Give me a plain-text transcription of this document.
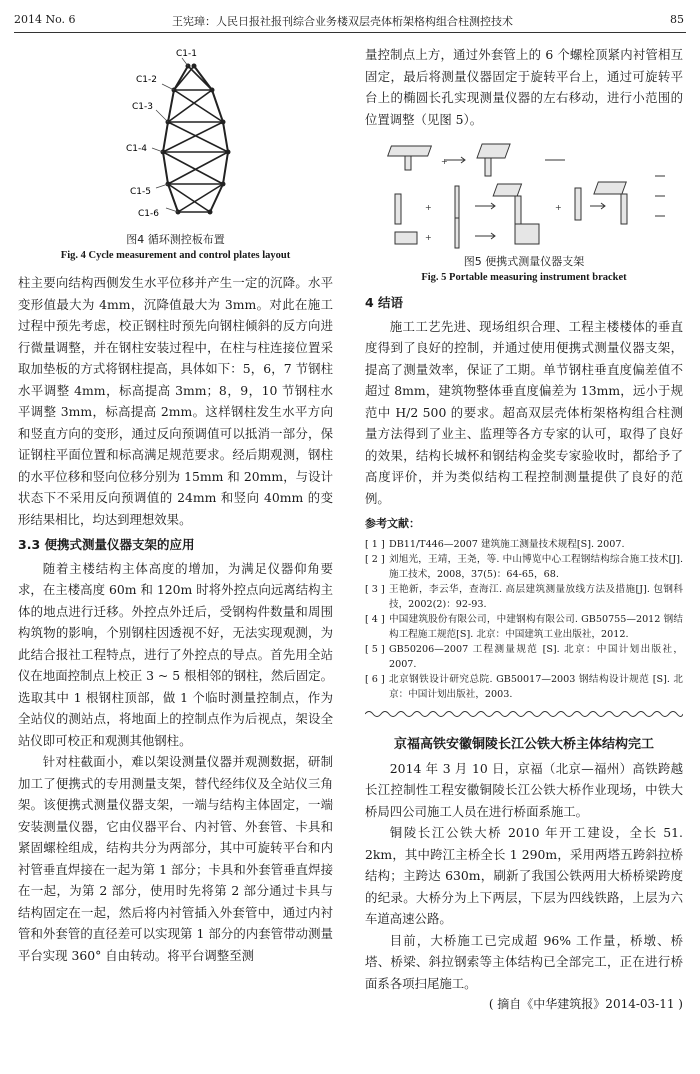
2014 No. 6	王宪璋：人民日报社报刊综合业务楼双层壳体桁架格构组合柱测控技术	85
C1-1
C1-2
C1-3
C1-4
C1-5
C1-6
图4 循环测控板布置
Fig. 4 Cycle measurement and control plates layout

柱主要向结构西侧发生水平位移并产生一定的沉降。水平变形值最大为 4mm，沉降值最大为 3mm。对此在施工过程中预先考虑，校正钢柱时预先向钢柱倾斜的反方向进行微量调整，并在钢柱安装过程中，在柱与柱连接位置采取加垫板的方式将钢柱提高，具体如下：5，6，7 节钢柱水平调整 4mm，标高提高 3mm；8，9，10 节钢柱水平调整 3mm，标高提高 2mm。这样钢柱发生水平方向和竖直方向的变形，通过反向预调值可以抵消一部分，保证钢柱平面位置和标高满足规范要求。经后期观测，钢柱的水平位移和竖向位移分别为 15mm 和 20mm，与设计状态下不采用反向预调值的 24mm 和竖向 40mm 的变形结果相比，均达到理想效果。

3.3 便携式测量仪器支架的应用

随着主楼结构主体高度的增加，为满足仪器仰角要求，在主楼高度 60m 和 120m 时将外控点向远离结构主体的地点进行迁移。外控点外迁后，受钢构件数量和周围构筑物的影响，个别钢柱因透视不好，无法实现观测，为此结合报社工程特点，进行了外控点的导点。首先用全站仪在地面控制点上校正 3 ~ 5 根相邻的钢柱，然后固定。选取其中 1 根钢柱顶部，做 1 个临时测量控制点，作为全站仪的测站点，将地面上的控制点作为后视点，架设全站仪即可校正和观测其他钢柱。

针对柱截面小，难以架设测量仪器并观测数据，研制加工了便携式的专用测量支架，替代经纬仪及全站仪三角架。该便携式测量仪器支架，一端与结构主体固定，一端安装测量仪器，它由仪器平台、内衬管、外套管、卡具和紧固螺栓组成，结构共分为两部分，其中可旋转平台和内衬管垂直焊接在一起为第 1 部分；卡具和外套管垂直焊接在一起，为第 2 部分，使用时先将第 2 部分通过卡具与结构固定在一起，然后将内衬管插入外套管中，通过内衬管和外套管的直径差可以实现第 1 部分的内套管带动测量平台实现 360° 自由转动。将平台调整至测

量控制点上方，通过外套管上的 6 个螺栓顶紧内衬管相互固定，最后将测量仪器固定于旋转平台上，通过可旋转平台上的椭圆长孔实现测量仪器的左右移动，进行小范围的位置调整（见图 5）。

+
+	+
+
图5 便携式测量仪器支架
Fig. 5 Portable measuring instrument bracket
4 结语

施工工艺先进、现场组织合理、工程主楼楼体的垂直度得到了良好的控制，并通过使用便携式测量仪器支架，提高了测量效率，保证了工期。单节钢柱垂直度偏差值不超过 8mm，建筑物整体垂直度偏差为 13mm，远小于规范中 H/2 500 的要求。超高双层壳体桁架格构组合柱测量方法得到了业主、监理等各方专家的认可，取得了良好的效果，结构长城杯和钢结构金奖专家验收时，都给予了高度评价，并为类似结构工程控制测量提供了良好的范例。

参考文献：
[ 1 ] DB11/T446—2007 建筑施工测量技术规程[S]. 2007.
[ 2 ] 刘旭光，王靖，王尧，等. 中山博览中心工程钢结构综合施工技术[J]. 施工技术，2008，37(5)：64-65，68.
[ 3 ] 王艳新，李云华，查海江. 高层建筑测量放线方法及措施[J]. 包钢科技，2002(2)：92-93.
[ 4 ] 中国建筑股份有限公司，中建钢构有限公司. GB50755—2012 钢结构工程施工规范[S]. 北京：中国建筑工业出版社，2012.
[ 5 ] GB50206—2007 工程测量规范 [S]. 北京：中国计划出版社，2007.
[ 6 ] 北京钢铁设计研究总院. GB50017—2003 钢结构设计规范 [S]. 北京：中国计划出版社，2003.
京福高铁安徽铜陵长江公铁大桥主体结构完工

2014 年 3 月 10 日，京福（北京—福州）高铁跨越长江控制性工程安徽铜陵长江公铁大桥作业现场，中铁大桥局四公司施工人员在进行桥面系施工。

铜陵长江公铁大桥 2010 年开工建设，全长 51. 2km，其中跨江主桥全长 1 290m，采用两塔五跨斜拉桥结构；主跨达 630m，刷新了我国公铁两用大桥桥梁跨度的纪录。大桥分为上下两层，下层为四线铁路，上层为六车道高速公路。

目前，大桥施工已完成超 96% 工作量，桥墩、桥塔、桥梁、斜拉钢索等主体结构已全部完工，正在进行桥面系各项扫尾施工。

( 摘自《中华建筑报》2014-03-11 )
